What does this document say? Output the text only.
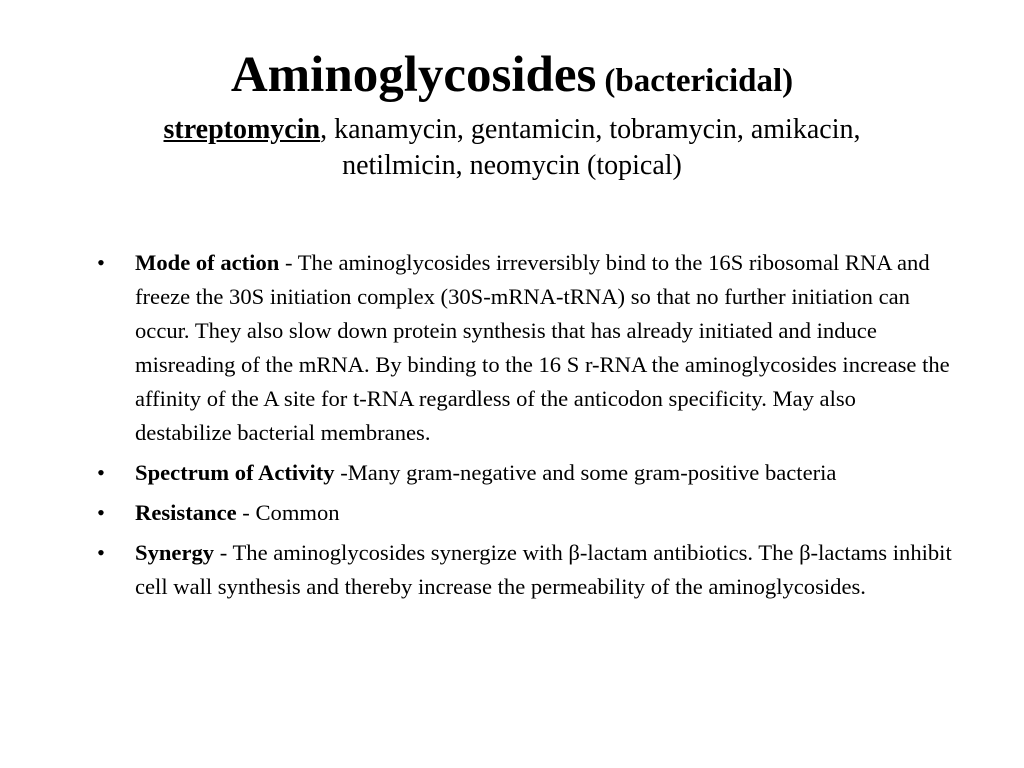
Aminoglycosides (bactericidal)

streptomycin, kanamycin, gentamicin, tobramycin, amikacin,

netilmicin, neomycin (topical)

• Mode of action - The aminoglycosides irreversibly bind to the 16S ribosomal RNA and freeze the 30S initiation complex (30S-mRNA-tRNA) so that no further initiation can occur. They also slow down protein synthesis that has already initiated and induce misreading of the mRNA. By binding to the 16 S r-RNA the aminoglycosides increase the affinity of the A site for t-RNA regardless of the anticodon specificity. May also destabilize bacterial membranes.
• Spectrum of Activity -Many gram-negative and some gram-positive bacteria
• Resistance - Common
• Synergy - The aminoglycosides synergize with β-lactam antibiotics. The β-lactams inhibit cell wall synthesis and thereby increase the permeability of the aminoglycosides.
